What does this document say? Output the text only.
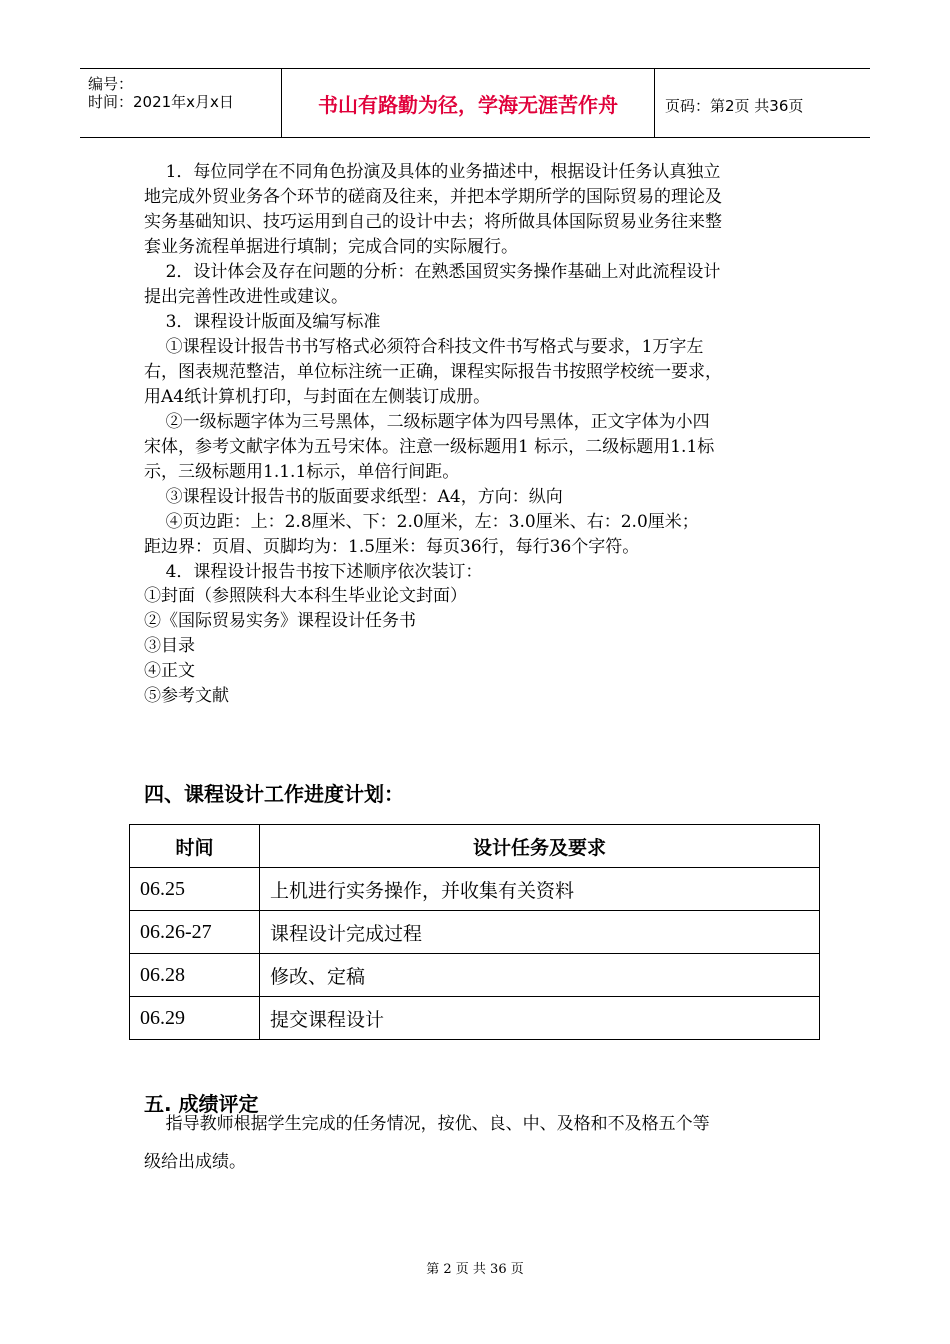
编号：
时间：2021年x月x日	书山有路勤为径，学海无涯苦作舟	页码：第2页 共36页
1．每位同学在不同角色扮演及具体的业务描述中，根据设计任务认真独立
地完成外贸业务各个环节的磋商及往来，并把本学期所学的国际贸易的理论及
实务基础知识、技巧运用到自己的设计中去；将所做具体国际贸易业务往来整
套业务流程单据进行填制；完成合同的实际履行。
2．设计体会及存在问题的分析：在熟悉国贸实务操作基础上对此流程设计
提出完善性改进性或建议。
3．课程设计版面及编写标准
①课程设计报告书书写格式必须符合科技文件书写格式与要求，1万字左
右，图表规范整洁，单位标注统一正确，课程实际报告书按照学校统一要求，
用A4纸计算机打印，与封面在左侧装订成册。
②一级标题字体为三号黑体，二级标题字体为四号黑体，正文字体为小四
宋体，参考文献字体为五号宋体。注意一级标题用1 标示，二级标题用1.1标
示，三级标题用1.1.1标示，单倍行间距。
③课程设计报告书的版面要求纸型：A4，方向：纵向
④页边距：上：2.8厘米、下：2.0厘米，左：3.0厘米、右：2.0厘米；
距边界：页眉、页脚均为：1.5厘米：每页36行，每行36个字符。
4．课程设计报告书按下述顺序依次装订：
①封面（参照陕科大本科生毕业论文封面）
②《国际贸易实务》课程设计任务书
③目录
④正文
⑤参考文献
四、课程设计工作进度计划：
时间	设计任务及要求
06.25	上机进行实务操作，并收集有关资料
06.26-27	课程设计完成过程
06.28	修改、定稿
06.29	提交课程设计
五. 成绩评定
指导教师根据学生完成的任务情况，按优、良、中、及格和不及格五个等
级给出成绩。
第 2 页 共 36 页
